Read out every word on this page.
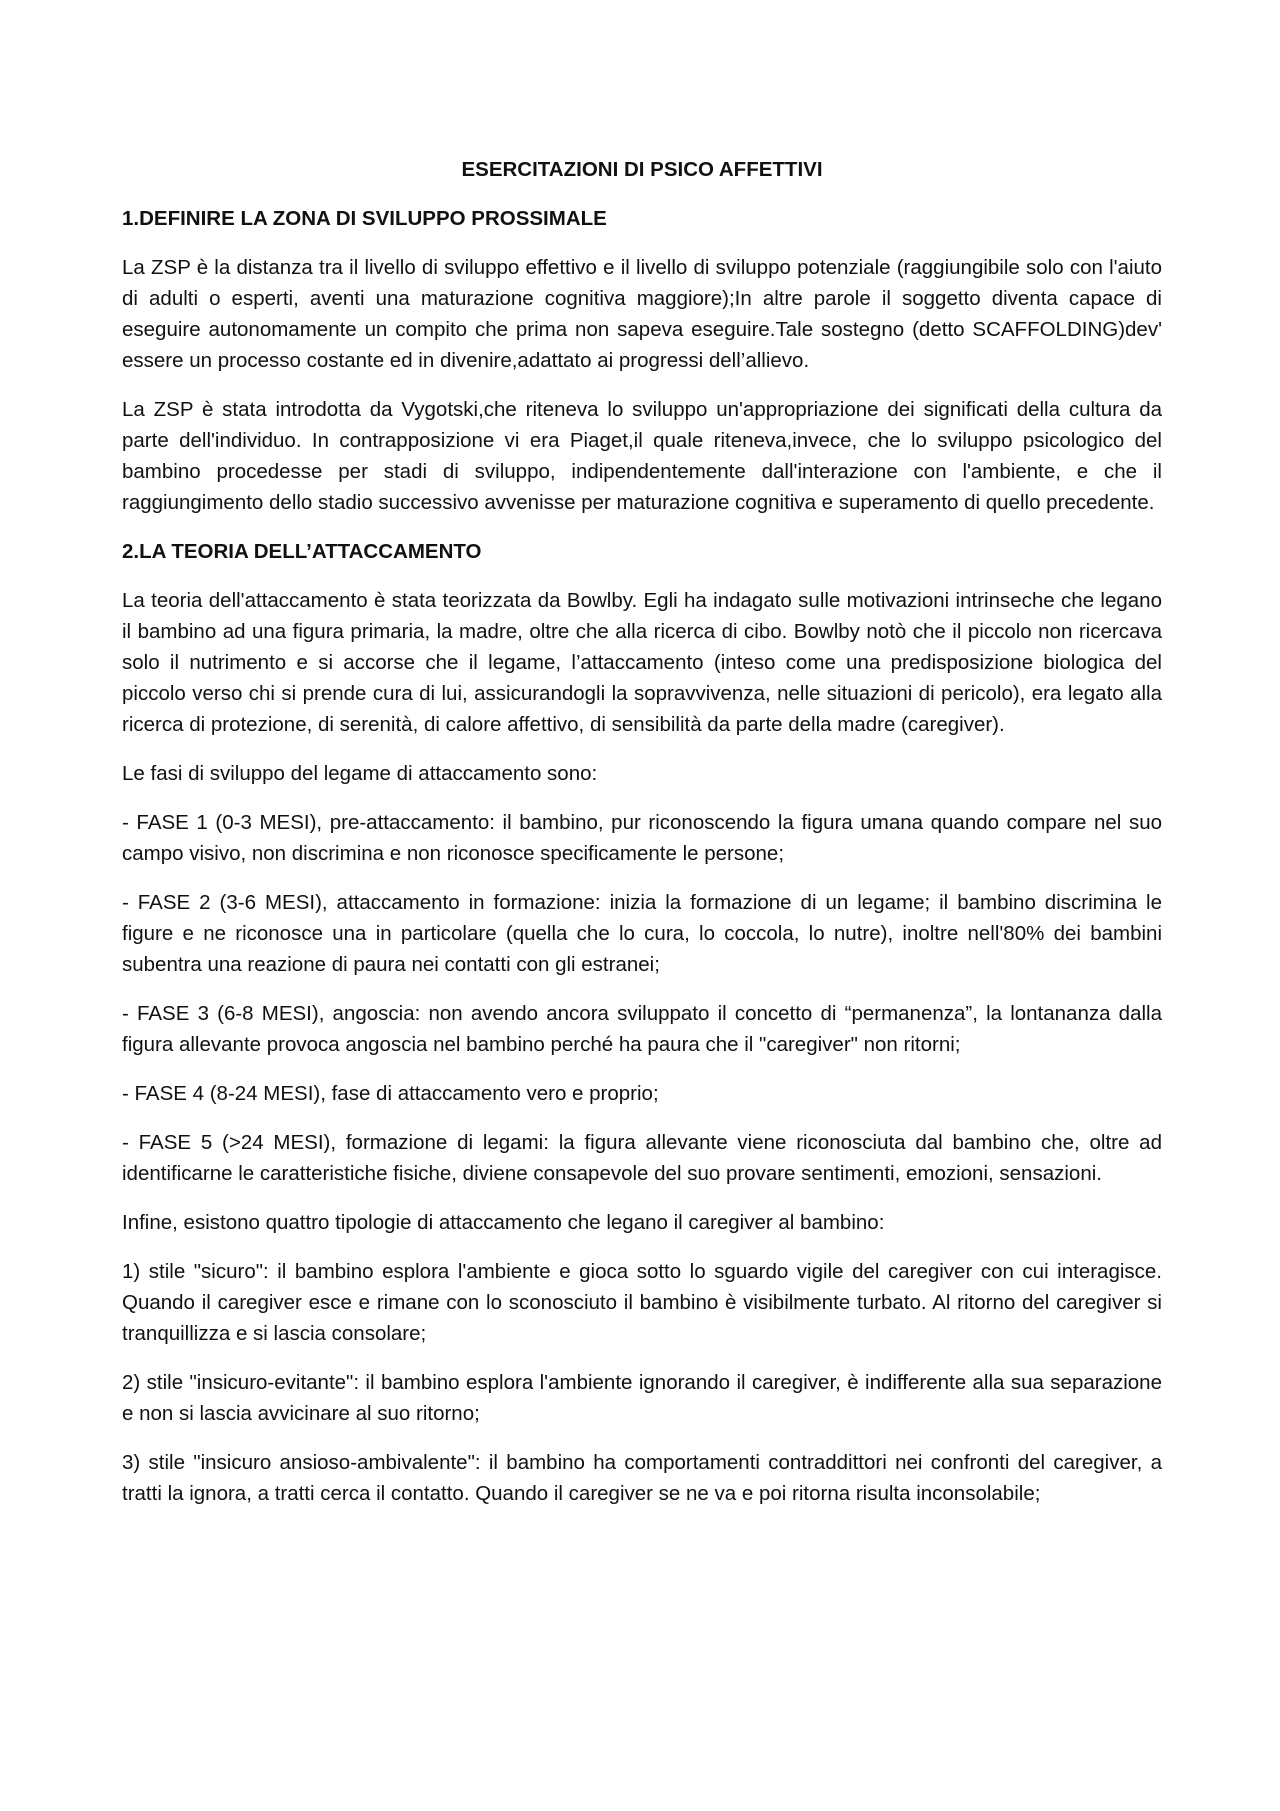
ESERCITAZIONI DI PSICO AFFETTIVI

1.DEFINIRE LA ZONA DI SVILUPPO PROSSIMALE

La ZSP è la distanza tra il livello di sviluppo effettivo e il livello di sviluppo potenziale (raggiungibile solo con l'aiuto di adulti o esperti, aventi una maturazione cognitiva maggiore);In altre parole il soggetto diventa capace di eseguire autonomamente un compito che prima non sapeva eseguire.Tale sostegno (detto SCAFFOLDING)dev' essere un processo costante ed in divenire,adattato ai progressi dell’allievo.

La ZSP è stata introdotta da Vygotski,che riteneva lo sviluppo un'appropriazione dei significati della cultura da parte dell'individuo. In contrapposizione vi era Piaget,il quale riteneva,invece, che lo sviluppo psicologico del bambino procedesse per stadi di sviluppo, indipendentemente dall'interazione con l'ambiente, e che il raggiungimento dello stadio successivo avvenisse per maturazione cognitiva e superamento di quello precedente.

2.LA TEORIA DELL’ATTACCAMENTO

La teoria dell'attaccamento è stata teorizzata da Bowlby. Egli ha indagato sulle motivazioni intrinseche che legano il bambino ad una figura primaria, la madre, oltre che alla ricerca di cibo. Bowlby notò che il piccolo non ricercava solo il nutrimento e si accorse che il legame, l’attaccamento (inteso come una predisposizione biologica del piccolo verso chi si prende cura di lui, assicurandogli la sopravvivenza, nelle situazioni di pericolo), era legato alla ricerca di protezione, di serenità, di calore affettivo, di sensibilità da parte della madre (caregiver).

Le fasi di sviluppo del legame di attaccamento sono:

- FASE 1 (0-3 MESI), pre-attaccamento: il bambino, pur riconoscendo la figura umana quando compare nel suo campo visivo, non discrimina e non riconosce specificamente le persone;

- FASE 2 (3-6 MESI), attaccamento in formazione: inizia la formazione di un legame; il bambino discrimina le figure e ne riconosce una in particolare (quella che lo cura, lo coccola, lo nutre), inoltre nell'80% dei bambini subentra una reazione di paura nei contatti con gli estranei;

- FASE 3 (6-8 MESI), angoscia: non avendo ancora sviluppato il concetto di “permanenza”, la lontananza dalla figura allevante provoca angoscia nel bambino perché ha paura che il "caregiver" non ritorni;

- FASE 4 (8-24 MESI), fase di attaccamento vero e proprio;

- FASE 5 (>24 MESI), formazione di legami: la figura allevante viene riconosciuta dal bambino che, oltre ad identificarne le caratteristiche fisiche, diviene consapevole del suo provare sentimenti, emozioni, sensazioni.

Infine, esistono quattro tipologie di attaccamento che legano il caregiver al bambino:

1) stile "sicuro": il bambino esplora l'ambiente e gioca sotto lo sguardo vigile del caregiver con cui interagisce. Quando il caregiver esce e rimane con lo sconosciuto il bambino è visibilmente turbato. Al ritorno del caregiver si tranquillizza e si lascia consolare;

2) stile "insicuro-evitante": il bambino esplora l'ambiente ignorando il caregiver, è indifferente alla sua separazione e non si lascia avvicinare al suo ritorno;

3) stile "insicuro ansioso-ambivalente": il bambino ha comportamenti contraddittori nei confronti del caregiver, a tratti la ignora, a tratti cerca il contatto. Quando il caregiver se ne va e poi ritorna risulta inconsolabile;
